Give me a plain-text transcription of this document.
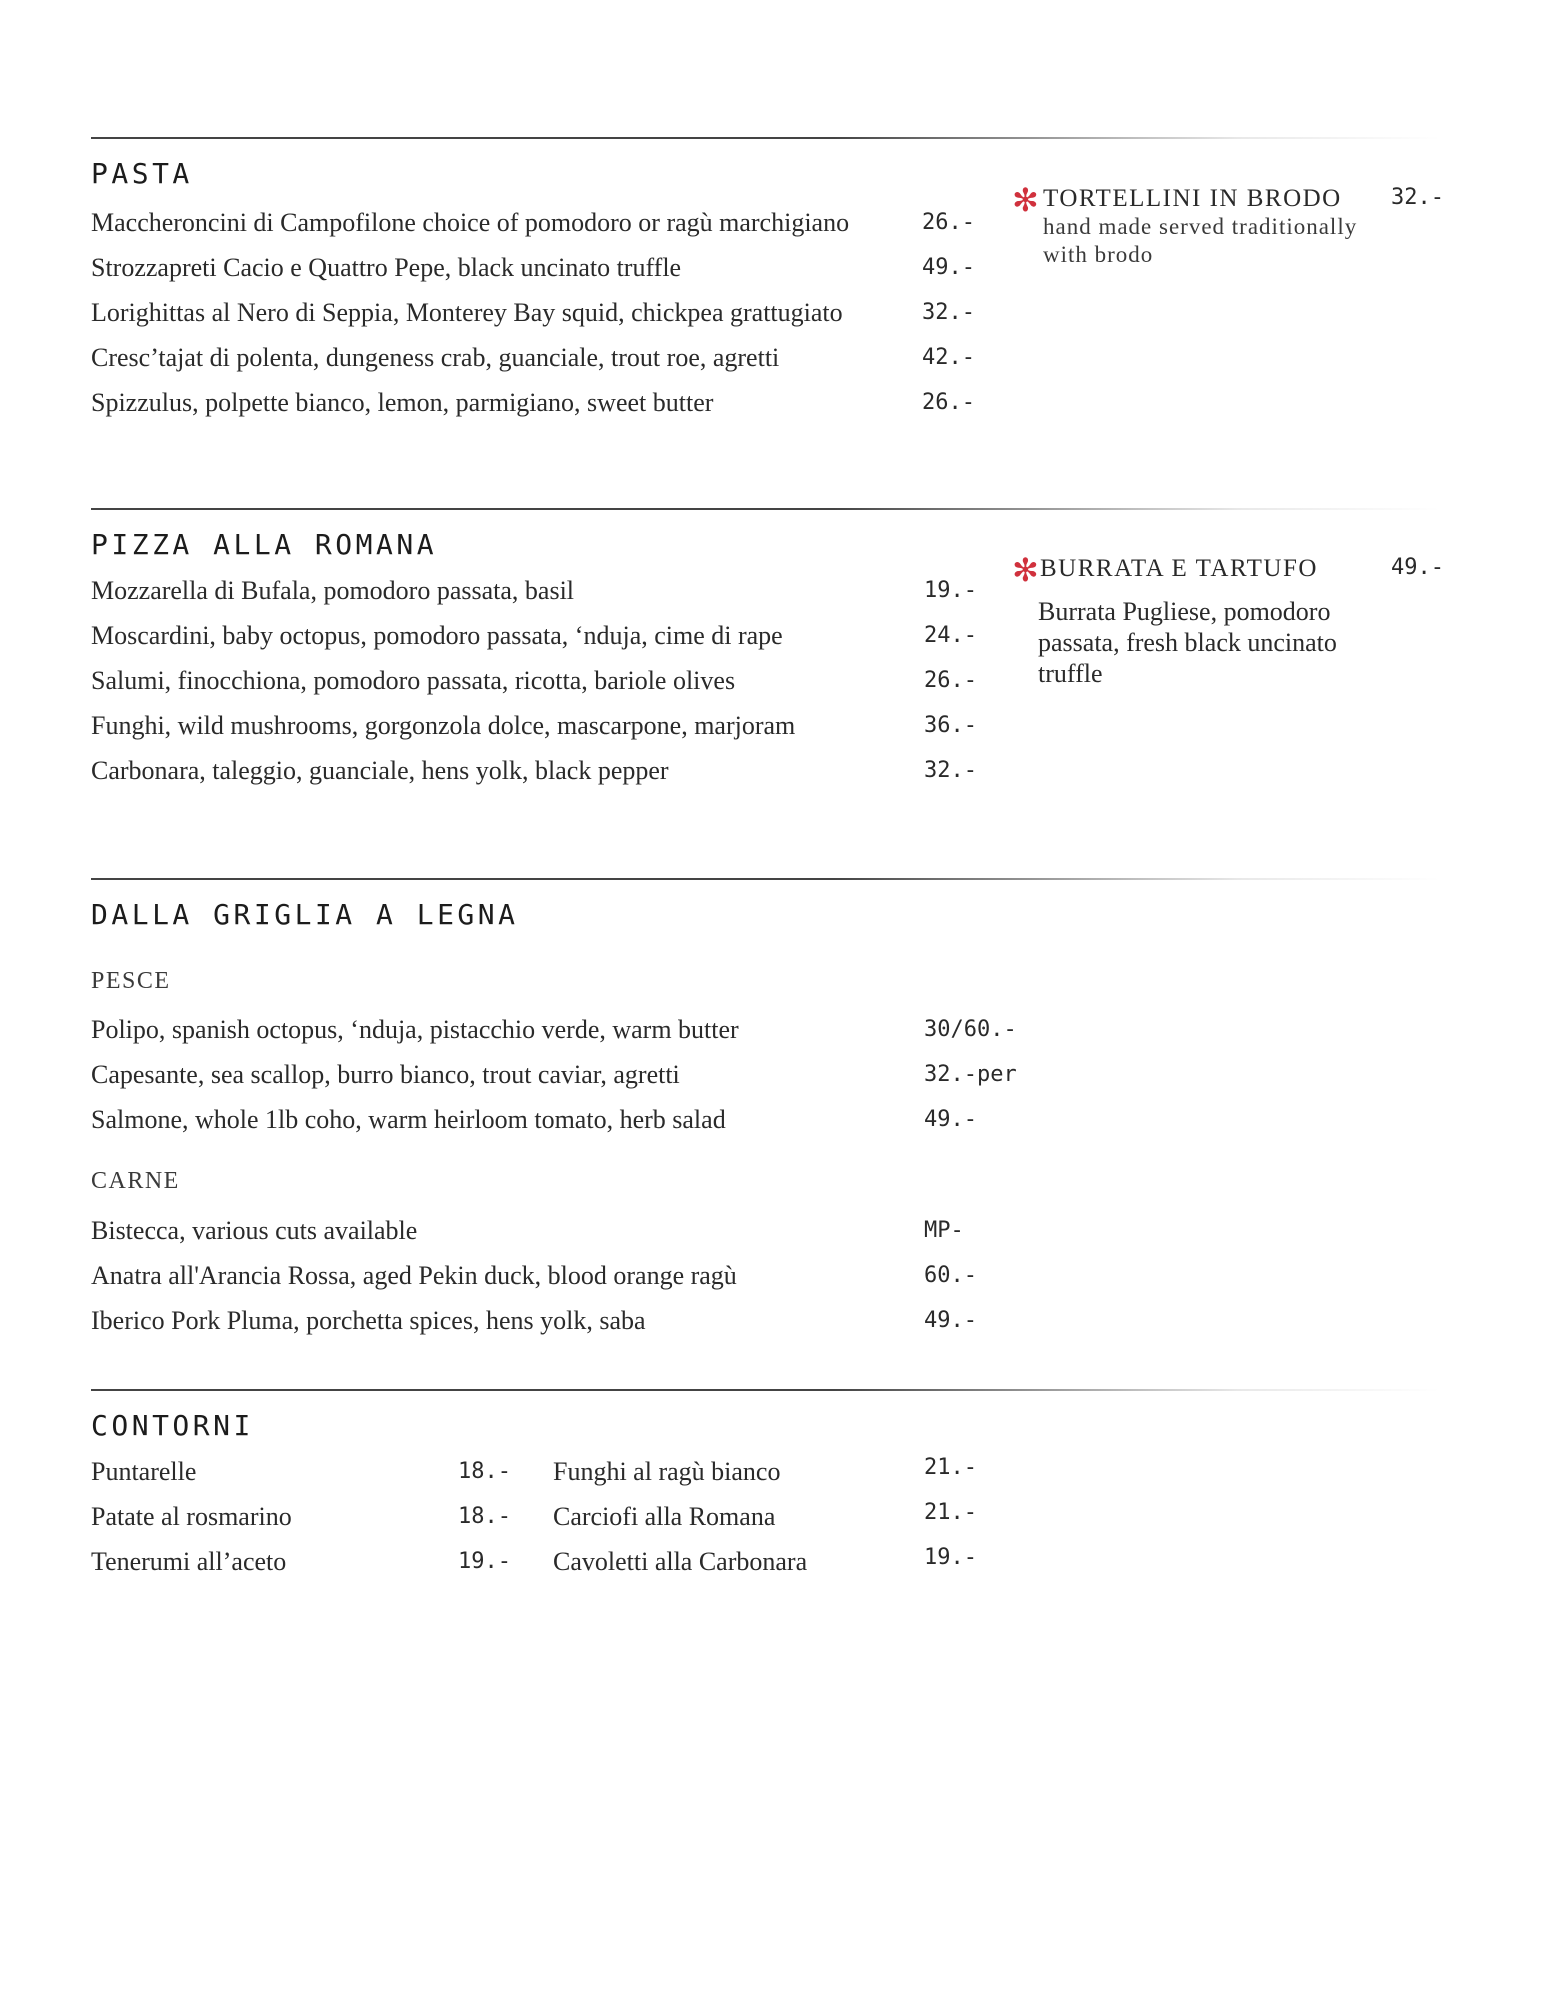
PASTA
Maccheroncini di Campofilone choice of pomodoro or ragù marchigiano	26.-
Strozzapreti Cacio e Quattro Pepe, black uncinato truffle	49.-
Lorighittas al Nero di Seppia, Monterey Bay squid, chickpea grattugiato	32.-
Cresc’tajat di polenta, dungeness crab, guanciale, trout roe, agretti	42.-
Spizzulus, polpette bianco, lemon, parmigiano, sweet butter	26.-
✻ TORTELLINI IN BRODO 32.-
hand made served traditionally with brodo
PIZZA ALLA ROMANA
Mozzarella di Bufala, pomodoro passata, basil	19.-
Moscardini, baby octopus, pomodoro passata, ‘nduja, cime di rape	24.-
Salumi, finocchiona, pomodoro passata, ricotta, bariole olives	26.-
Funghi, wild mushrooms, gorgonzola dolce, mascarpone, marjoram	36.-
Carbonara, taleggio, guanciale, hens yolk, black pepper	32.-
✻ BURRATA E TARTUFO	49.-
Burrata Pugliese, pomodoro passata, fresh black uncinato truffle
DALLA GRIGLIA A LEGNA
PESCE
Polipo, spanish octopus, ‘nduja, pistacchio verde, warm butter	30/60.-
Capesante, sea scallop, burro bianco, trout caviar, agretti	32.-per
Salmone, whole 1lb coho, warm heirloom tomato, herb salad	49.-
CARNE
Bistecca, various cuts available	MP-
Anatra all'Arancia Rossa, aged Pekin duck, blood orange ragù	60.-
Iberico Pork Pluma, porchetta spices, hens yolk, saba	49.-
CONTORNI
Puntarelle	18.-
Patate al rosmarino	18.-
Tenerumi all’aceto	19.-
Funghi al ragù bianco	21.-
Carciofi alla Romana	21.-
Cavoletti alla Carbonara	19.-
